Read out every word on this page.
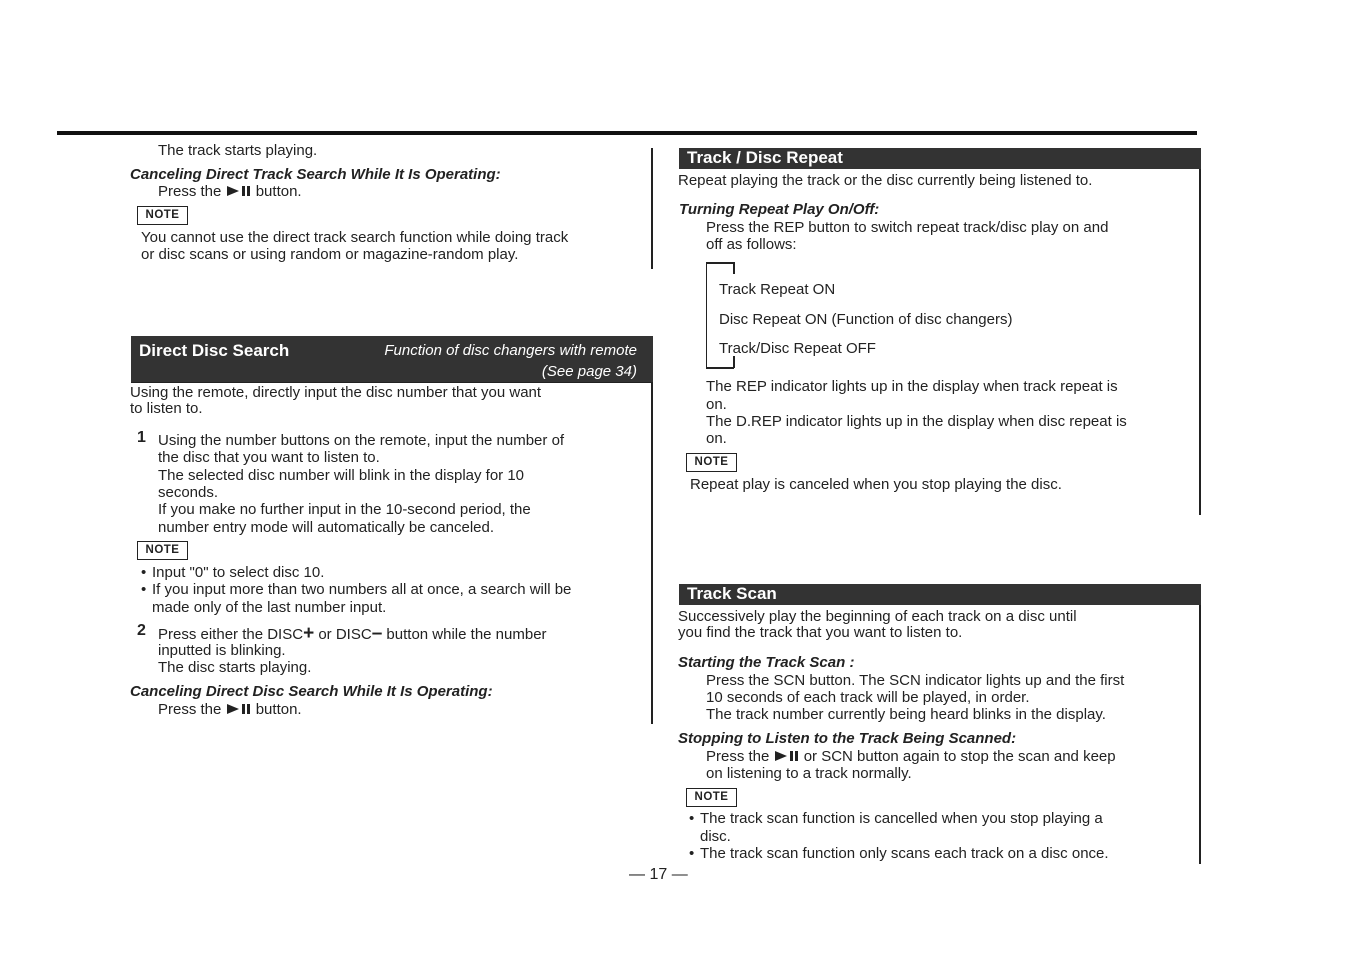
The track starts playing.
Canceling Direct Track Search While It Is Operating:
Press the button.
NOTE
You cannot use the direct track search function while doing track
or disc scans or using random or magazine-random play.
Direct Disc Search	Function of disc changers with remote
(See page 34)
Using the remote, directly input the disc number that you want
to listen to.
1 Using the number buttons on the remote, input the number of
the disc that you want to listen to.
The selected disc number will blink in the display for 10
seconds.
If you make no further input in the 10-second period, the
number entry mode will automatically be canceled.
NOTE
• Input "0" to select disc 10.
• If you input more than two numbers all at once, a search will be
made only of the last number input.
2 Press either the DISC+ or DISC– button while the number
inputted is blinking.
The disc starts playing.
Canceling Direct Disc Search While It Is Operating:
Press the button.
Track / Disc Repeat
Repeat playing the track or the disc currently being listened to.
Turning Repeat Play On/Off:
Press the REP button to switch repeat track/disc play on and
off as follows:
Track Repeat ON
Disc Repeat ON (Function of disc changers)
Track/Disc Repeat OFF
The REP indicator lights up in the display when track repeat is
on.
The D.REP indicator lights up in the display when disc repeat is
on.
NOTE
Repeat play is canceled when you stop playing the disc.
Track Scan
Successively play the beginning of each track on a disc until
you find the track that you want to listen to.
Starting the Track Scan :
Press the SCN button. The SCN indicator lights up and the first
10 seconds of each track will be played, in order.
The track number currently being heard blinks in the display.
Stopping to Listen to the Track Being Scanned:
Press the or SCN button again to stop the scan and keep
on listening to a track normally.
NOTE
• The track scan function is cancelled when you stop playing a
disc.
• The track scan function only scans each track on a disc once.
— 17 —
